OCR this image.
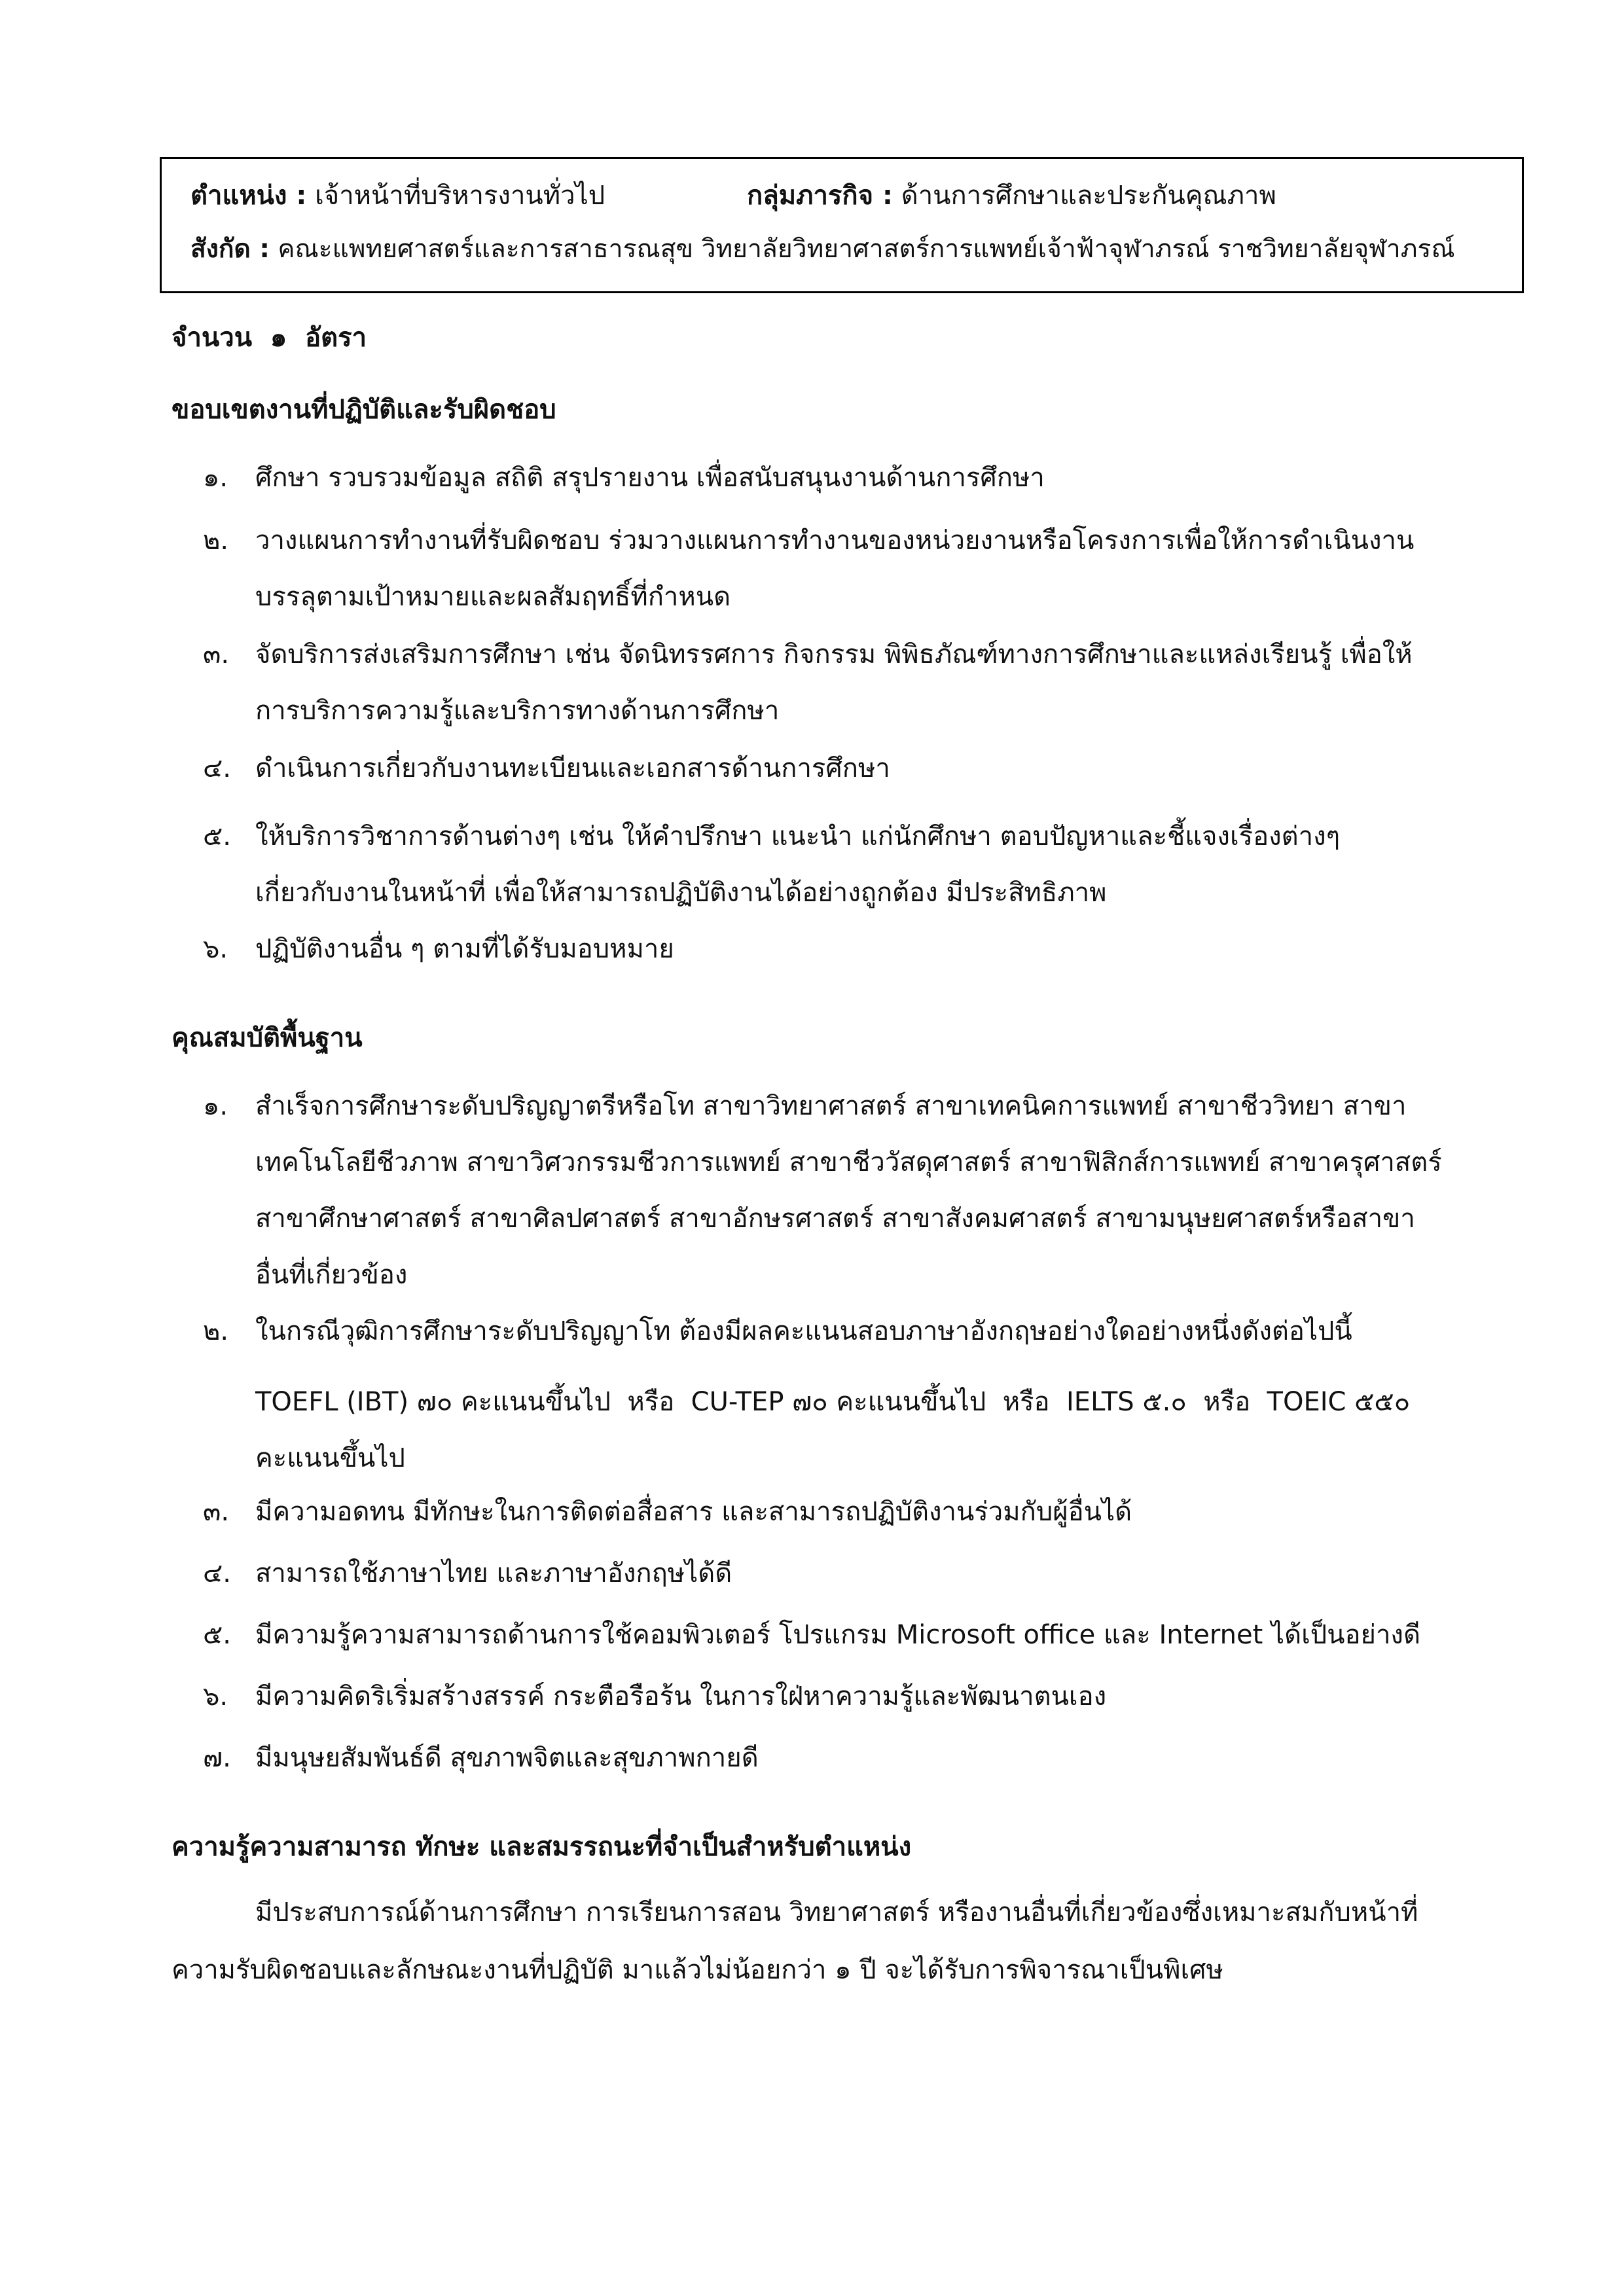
ตำแหน่ง : เจ้าหน้าที่บริหารงานทั่วไป	กลุ่มภารกิจ : ด้านการศึกษาและประกันคุณภาพ
สังกัด : คณะแพทยศาสตร์และการสาธารณสุข วิทยาลัยวิทยาศาสตร์การแพทย์เจ้าฟ้าจุฬาภรณ์ ราชวิทยาลัยจุฬาภรณ์
จำนวน  ๑  อัตรา
ขอบเขตงานที่ปฏิบัติและรับผิดชอบ
๑.	ศึกษา รวบรวมข้อมูล สถิติ สรุปรายงาน เพื่อสนับสนุนงานด้านการศึกษา
๒.	วางแผนการทำงานที่รับผิดชอบ ร่วมวางแผนการทำงานของหน่วยงานหรือโครงการเพื่อให้การดำเนินงาน
บรรลุตามเป้าหมายและผลสัมฤทธิ์ที่กำหนด
๓. จัดบริการส่งเสริมการศึกษา เช่น จัดนิทรรศการ กิจกรรม พิพิธภัณฑ์ทางการศึกษาและแหล่งเรียนรู้ เพื่อให้
การบริการความรู้และบริการทางด้านการศึกษา
๔. ดำเนินการเกี่ยวกับงานทะเบียนและเอกสารด้านการศึกษา
๕. ให้บริการวิชาการด้านต่างๆ เช่น ให้คำปรึกษา แนะนำ แก่นักศึกษา ตอบปัญหาและชี้แจงเรื่องต่างๆ
เกี่ยวกับงานในหน้าที่ เพื่อให้สามารถปฏิบัติงานได้อย่างถูกต้อง มีประสิทธิภาพ
๖.	ปฏิบัติงานอื่น ๆ ตามที่ได้รับมอบหมาย
คุณสมบัติพื้นฐาน
๑.	สำเร็จการศึกษาระดับปริญญาตรีหรือโท สาขาวิทยาศาสตร์ สาขาเทคนิคการแพทย์ สาขาชีววิทยา สาขา
เทคโนโลยีชีวภาพ สาขาวิศวกรรมชีวการแพทย์ สาขาชีววัสดุศาสตร์ สาขาฟิสิกส์การแพทย์ สาขาครุศาสตร์
สาขาศึกษาศาสตร์ สาขาศิลปศาสตร์ สาขาอักษรศาสตร์ สาขาสังคมศาสตร์ สาขามนุษยศาสตร์หรือสาขา
อื่นที่เกี่ยวข้อง
๒.	ในกรณีวุฒิการศึกษาระดับปริญญาโท ต้องมีผลคะแนนสอบภาษาอังกฤษอย่างใดอย่างหนึ่งดังต่อไปนี้
TOEFL (IBT) ๗๐ คะแนนขึ้นไป  หรือ  CU-TEP ๗๐ คะแนนขึ้นไป  หรือ  IELTS ๕.๐  หรือ  TOEIC ๕๕๐
คะแนนขึ้นไป
๓. มีความอดทน มีทักษะในการติดต่อสื่อสาร และสามารถปฏิบัติงานร่วมกับผู้อื่นได้
๔. สามารถใช้ภาษาไทย และภาษาอังกฤษได้ดี
๕. มีความรู้ความสามารถด้านการใช้คอมพิวเตอร์ โปรแกรม Microsoft office และ Internet ได้เป็นอย่างดี
๖.	มีความคิดริเริ่มสร้างสรรค์ กระตือรือร้น ในการใฝ่หาความรู้และพัฒนาตนเอง
๗. มีมนุษยสัมพันธ์ดี สุขภาพจิตและสุขภาพกายดี
ความรู้ความสามารถ ทักษะ และสมรรถนะที่จำเป็นสำหรับตำแหน่ง
มีประสบการณ์ด้านการศึกษา การเรียนการสอน วิทยาศาสตร์ หรืองานอื่นที่เกี่ยวข้องซึ่งเหมาะสมกับหน้าที่
ความรับผิดชอบและลักษณะงานที่ปฏิบัติ มาแล้วไม่น้อยกว่า ๑ ปี จะได้รับการพิจารณาเป็นพิเศษ
